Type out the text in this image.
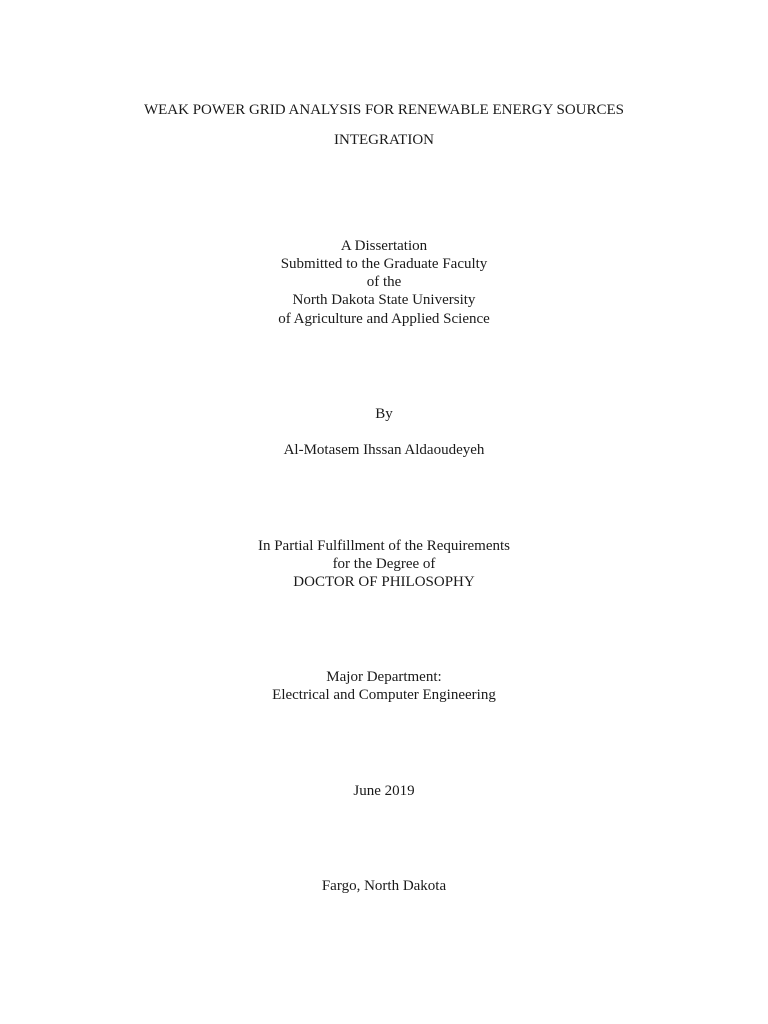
WEAK POWER GRID ANALYSIS FOR RENEWABLE ENERGY SOURCES
INTEGRATION
A Dissertation
Submitted to the Graduate Faculty
of the
North Dakota State University
of Agriculture and Applied Science
By
Al-Motasem Ihssan Aldaoudeyeh
In Partial Fulfillment of the Requirements
for the Degree of
DOCTOR OF PHILOSOPHY
Major Department:
Electrical and Computer Engineering
June 2019
Fargo, North Dakota
